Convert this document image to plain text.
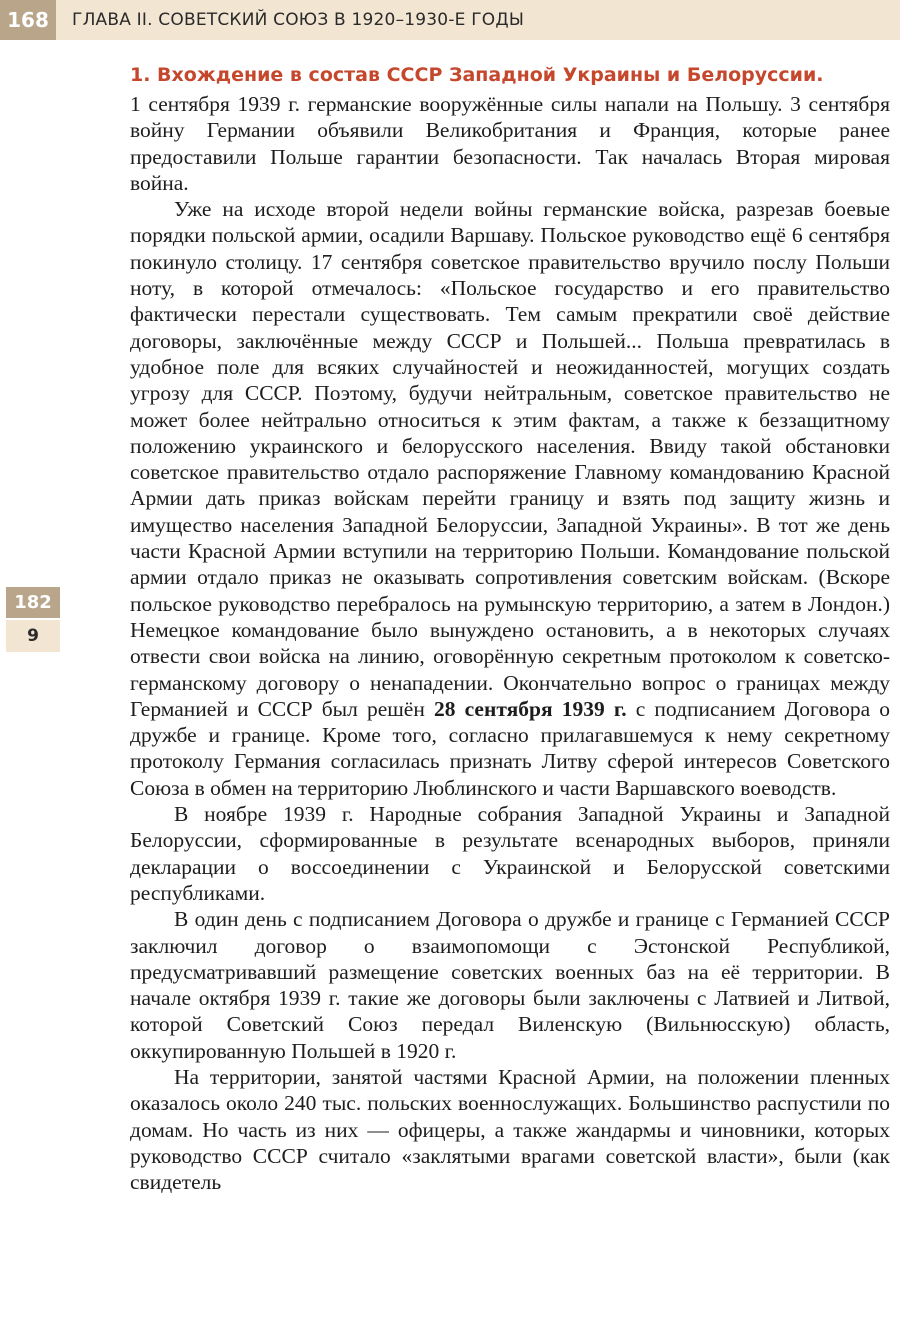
168	ГЛАВА II. СОВЕТСКИЙ СОЮЗ В 1920–1930-Е ГОДЫ
182
9
1. Вхождение в состав СССР Западной Украины и Белоруссии.

1 сентября 1939 г. германские вооружённые силы напали на Польшу. 3 сентября войну Германии объявили Великобритания и Франция, которые ранее предоставили Польше гарантии безопасности. Так началась Вторая мировая война.

Уже на исходе второй недели войны германские войска, разрезав боевые порядки польской армии, осадили Варшаву. Польское руководство ещё 6 сентября покинуло столицу. 17 сентября советское правительство вручило послу Польши ноту, в которой отмечалось: «Польское государство и его правительство фактически перестали существовать. Тем самым прекратили своё действие договоры, заключённые между СССР и Польшей... Польша превратилась в удобное поле для всяких случайностей и неожиданностей, могущих создать угрозу для СССР. Поэтому, будучи нейтральным, советское правительство не может более нейтрально относиться к этим фактам, а также к беззащитному положению украинского и белорусского населения. Ввиду такой обстановки советское правительство отдало распоряжение Главному командованию Красной Армии дать приказ войскам перейти границу и взять под защиту жизнь и имущество населения Западной Белоруссии, Западной Украины». В тот же день части Красной Армии вступили на территорию Польши. Командование польской армии отдало приказ не оказывать сопротивления советским войскам. (Вскоре польское руководство перебралось на румынскую территорию, а затем в Лондон.) Немецкое командование было вынуждено остановить, а в некоторых случаях отвести свои войска на линию, оговорённую секретным протоколом к советско-германскому договору о ненападении. Окончательно вопрос о границах между Германией и СССР был решён 28 сентября 1939 г. с подписанием Договора о дружбе и границе. Кроме того, согласно прилагавшемуся к нему секретному протоколу Германия согласилась признать Литву сферой интересов Советского Союза в обмен на территорию Люблинского и части Варшавского воеводств.

В ноябре 1939 г. Народные собрания Западной Украины и Западной Белоруссии, сформированные в результате всенародных выборов, приняли декларации о воссоединении с Украинской и Белорусской советскими республиками.

В один день с подписанием Договора о дружбе и границе с Германией СССР заключил договор о взаимопомощи с Эстонской Республикой, предусматривавший размещение советских военных баз на её территории. В начале октября 1939 г. такие же договоры были заключены с Латвией и Литвой, которой Советский Союз передал Виленскую (Вильнюсскую) область, оккупированную Польшей в 1920 г.

На территории, занятой частями Красной Армии, на положении пленных оказалось около 240 тыс. польских военнослужащих. Большинство распустили по домам. Но часть из них — офицеры, а также жандармы и чиновники, которых руководство СССР считало «заклятыми врагами советской власти», были (как свидетель
